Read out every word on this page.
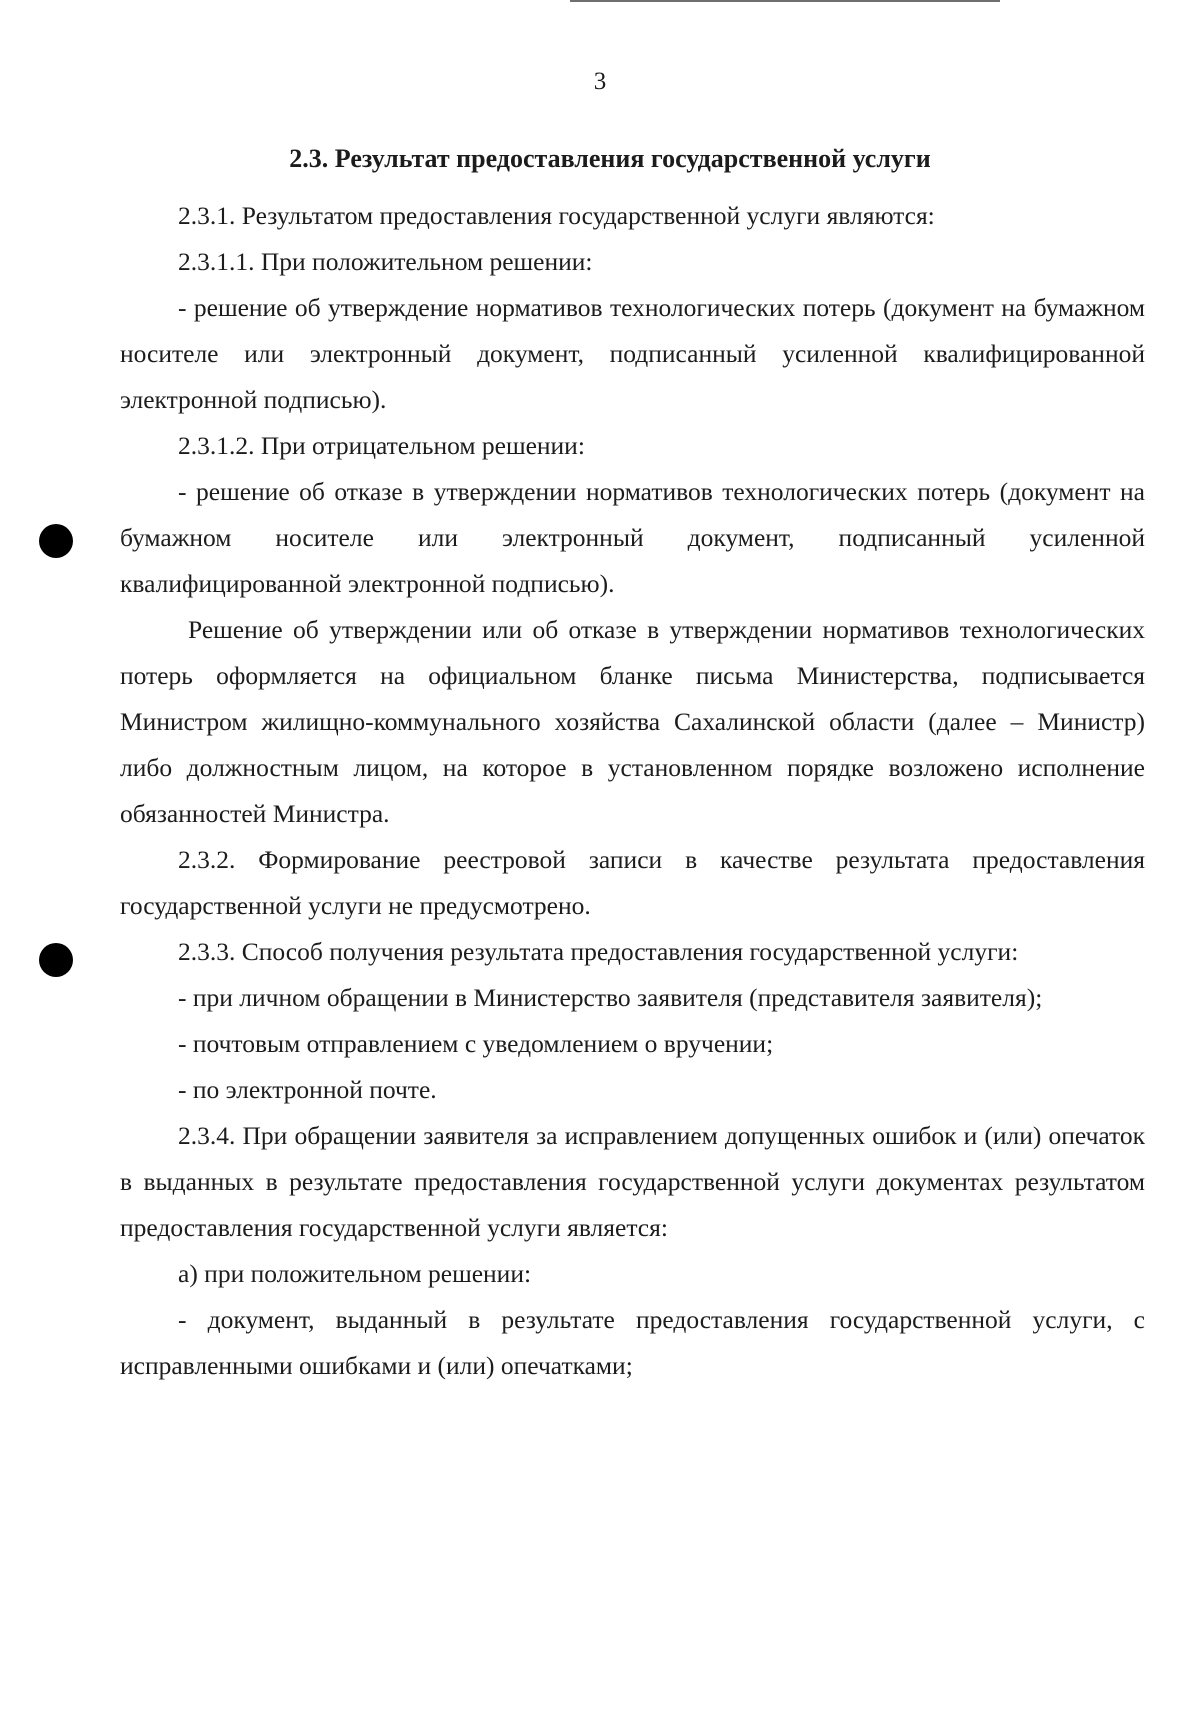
3
2.3. Результат предоставления государственной услуги

2.3.1. Результатом предоставления государственной услуги являются:

2.3.1.1. При положительном решении:

- решение об утверждение нормативов технологических потерь (документ на бумажном носителе или электронный документ, подписанный усиленной квалифицированной электронной подписью).

2.3.1.2. При отрицательном решении:

- решение об отказе в утверждении нормативов технологических потерь (документ на бумажном носителе или электронный документ, подписанный усиленной квалифицированной электронной подписью).

Решение об утверждении или об отказе в утверждении нормативов технологических потерь оформляется на официальном бланке письма Министерства, подписывается Министром жилищно-коммунального хозяйства Сахалинской области (далее – Министр) либо должностным лицом, на которое в установленном порядке возложено исполнение обязанностей Министра.

2.3.2. Формирование реестровой записи в качестве результата предоставления государственной услуги не предусмотрено.

2.3.3. Способ получения результата предоставления государственной услуги:

- при личном обращении в Министерство заявителя (представителя заявителя);

- почтовым отправлением с уведомлением о вручении;

- по электронной почте.

2.3.4. При обращении заявителя за исправлением допущенных ошибок и (или) опечаток в выданных в результате предоставления государственной услуги документах результатом предоставления государственной услуги является:

а) при положительном решении:

- документ, выданный в результате предоставления государственной услуги, с исправленными ошибками и (или) опечатками;
